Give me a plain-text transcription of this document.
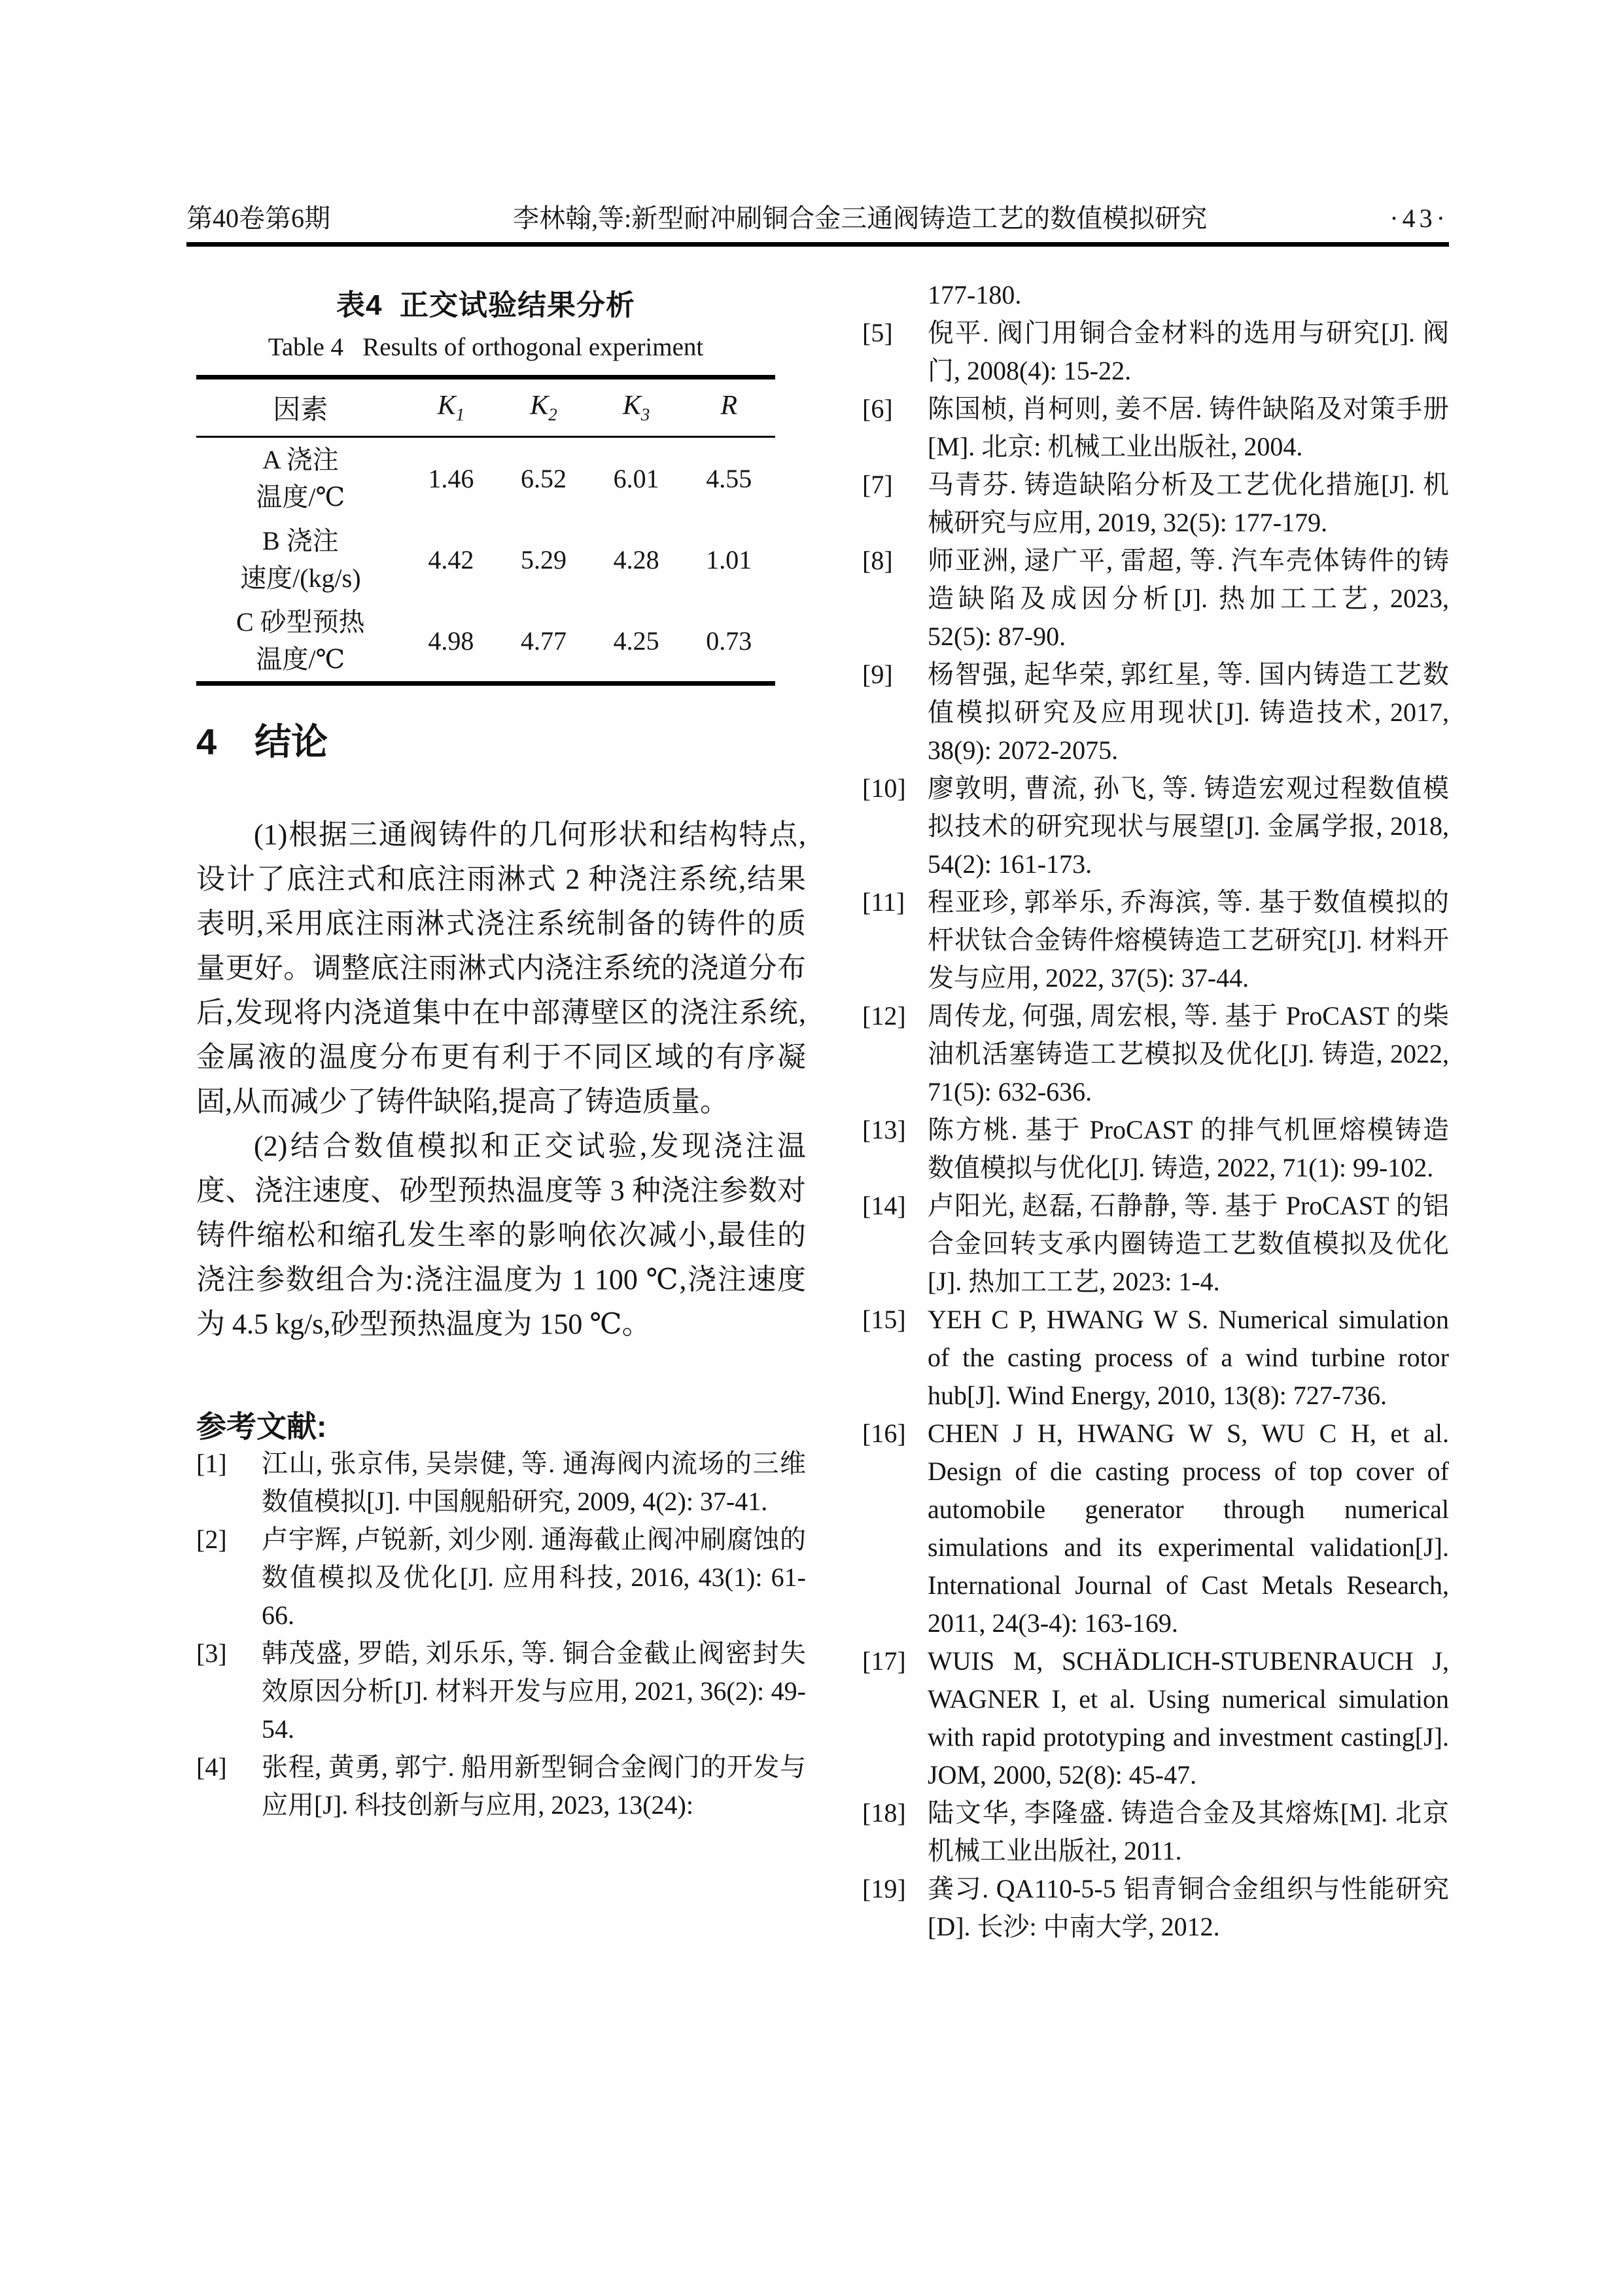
第40卷第6期	李林翰,等:新型耐冲刷铜合金三通阀铸造工艺的数值模拟研究	·43·
表4  正交试验结果分析
Table 4   Results of orthogonal experiment
因素	$K_1$	$K_2$	$K_3$	R

A 浇注
温度/℃	1.46	6.52	6.01	4.55

B 浇注
速度/(kg/s)	4.42	5.29	4.28	1.01

C 砂型预热
温度/℃	4.98	4.77	4.25	0.73
4 结论

(1)根据三通阀铸件的几何形状和结构特点,设计了底注式和底注雨淋式 2 种浇注系统,结果表明,采用底注雨淋式浇注系统制备的铸件的质量更好。调整底注雨淋式内浇注系统的浇道分布后,发现将内浇道集中在中部薄壁区的浇注系统,金属液的温度分布更有利于不同区域的有序凝固,从而减少了铸件缺陷,提高了铸造质量。

(2)结合数值模拟和正交试验,发现浇注温度、浇注速度、砂型预热温度等 3 种浇注参数对铸件缩松和缩孔发生率的影响依次减小,最佳的浇注参数组合为:浇注温度为 1 100 ℃,浇注速度为 4.5 kg/s,砂型预热温度为 150 ℃。

参考文献:
[1] 江山, 张京伟, 吴崇健, 等. 通海阀内流场的三维数值模拟[J]. 中国舰船研究, 2009, 4(2): 37-41.
[2] 卢宇辉, 卢锐新, 刘少刚. 通海截止阀冲刷腐蚀的数值模拟及优化[J]. 应用科技, 2016, 43(1): 61-66.
[3] 韩茂盛, 罗皓, 刘乐乐, 等. 铜合金截止阀密封失效原因分析[J]. 材料开发与应用, 2021, 36(2): 49-54.
[4] 张程, 黄勇, 郭宁. 船用新型铜合金阀门的开发与应用[J]. 科技创新与应用, 2023, 13(24):
177-180.
[5] 倪平. 阀门用铜合金材料的选用与研究[J]. 阀门, 2008(4): 15-22.
[6] 陈国桢, 肖柯则, 姜不居. 铸件缺陷及对策手册[M]. 北京: 机械工业出版社, 2004.
[7] 马青芬. 铸造缺陷分析及工艺优化措施[J]. 机械研究与应用, 2019, 32(5): 177-179.
[8] 师亚洲, 逯广平, 雷超, 等. 汽车壳体铸件的铸造缺陷及成因分析[J]. 热加工工艺, 2023, 52(5): 87-90.
[9] 杨智强, 起华荣, 郭红星, 等. 国内铸造工艺数值模拟研究及应用现状[J]. 铸造技术, 2017, 38(9): 2072-2075.
[10] 廖敦明, 曹流, 孙飞, 等. 铸造宏观过程数值模拟技术的研究现状与展望[J]. 金属学报, 2018, 54(2): 161-173.
[11] 程亚珍, 郭举乐, 乔海滨, 等. 基于数值模拟的杆状钛合金铸件熔模铸造工艺研究[J]. 材料开发与应用, 2022, 37(5): 37-44.
[12] 周传龙, 何强, 周宏根, 等. 基于 ProCAST 的柴油机活塞铸造工艺模拟及优化[J]. 铸造, 2022, 71(5): 632-636.
[13] 陈方桃. 基于 ProCAST 的排气机匣熔模铸造数值模拟与优化[J]. 铸造, 2022, 71(1): 99-102.
[14] 卢阳光, 赵磊, 石静静, 等. 基于 ProCAST 的铝合金回转支承内圈铸造工艺数值模拟及优化[J]. 热加工工艺, 2023: 1-4.
[15] YEH C P, HWANG W S. Numerical simulation of the casting process of a wind turbine rotor hub[J]. Wind Energy, 2010, 13(8): 727-736.
[16] CHEN J H, HWANG W S, WU C H, et al. Design of die casting process of top cover of automobile generator through numerical simulations and its experimental validation[J]. International Journal of Cast Metals Research, 2011, 24(3-4): 163-169.
[17] WUIS M, SCHÄDLICH-STUBENRAUCH J, WAGNER I, et al. Using numerical simulation with rapid prototyping and investment casting[J]. JOM, 2000, 52(8): 45-47.
[18] 陆文华, 李隆盛. 铸造合金及其熔炼[M]. 北京机械工业出版社, 2011.
[19] 龚习. QA110-5-5 铝青铜合金组织与性能研究[D]. 长沙: 中南大学, 2012.
